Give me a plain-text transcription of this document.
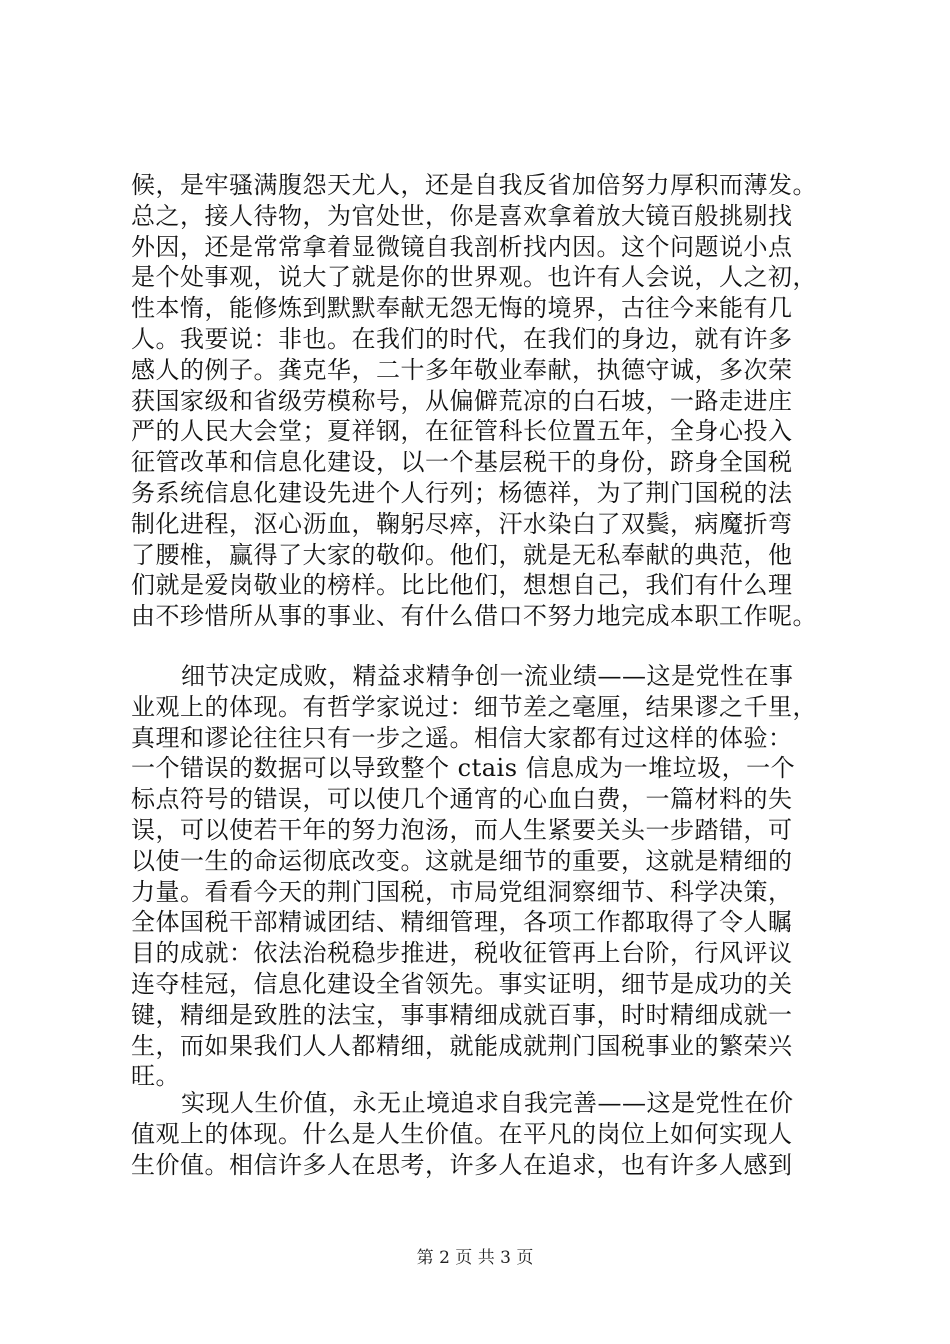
候，是牢骚满腹怨天尤人，还是自我反省加倍努力厚积而薄发。
总之，接人待物，为官处世，你是喜欢拿着放大镜百般挑剔找
外因，还是常常拿着显微镜自我剖析找内因。这个问题说小点
是个处事观，说大了就是你的世界观。也许有人会说，人之初，
性本惰，能修炼到默默奉献无怨无悔的境界，古往今来能有几
人。我要说：非也。在我们的时代，在我们的身边，就有许多
感人的例子。龚克华，二十多年敬业奉献，执德守诚，多次荣
获国家级和省级劳模称号，从偏僻荒凉的白石坡，一路走进庄
严的人民大会堂；夏祥钢，在征管科长位置五年，全身心投入
征管改革和信息化建设，以一个基层税干的身份，跻身全国税
务系统信息化建设先进个人行列；杨德祥，为了荆门国税的法
制化进程，沤心沥血，鞠躬尽瘁，汗水染白了双鬓，病魔折弯
了腰椎，赢得了大家的敬仰。他们，就是无私奉献的典范，他
们就是爱岗敬业的榜样。比比他们，想想自己，我们有什么理
由不珍惜所从事的事业、有什么借口不努力地完成本职工作呢。
细节决定成败，精益求精争创一流业绩——这是党性在事
业观上的体现。有哲学家说过：细节差之毫厘，结果谬之千里，
真理和谬论往往只有一步之遥。相信大家都有过这样的体验：
一个错误的数据可以导致整个 ctais 信息成为一堆垃圾，一个
标点符号的错误，可以使几个通宵的心血白费，一篇材料的失
误，可以使若干年的努力泡汤，而人生紧要关头一步踏错，可
以使一生的命运彻底改变。这就是细节的重要，这就是精细的
力量。看看今天的荆门国税，市局党组洞察细节、科学决策，
全体国税干部精诚团结、精细管理，各项工作都取得了令人瞩
目的成就：依法治税稳步推进，税收征管再上台阶，行风评议
连夺桂冠，信息化建设全省领先。事实证明，细节是成功的关
键，精细是致胜的法宝，事事精细成就百事，时时精细成就一
生，而如果我们人人都精细，就能成就荆门国税事业的繁荣兴
旺。
实现人生价值，永无止境追求自我完善——这是党性在价
值观上的体现。什么是人生价值。在平凡的岗位上如何实现人
生价值。相信许多人在思考，许多人在追求，也有许多人感到
第 2 页 共 3 页
